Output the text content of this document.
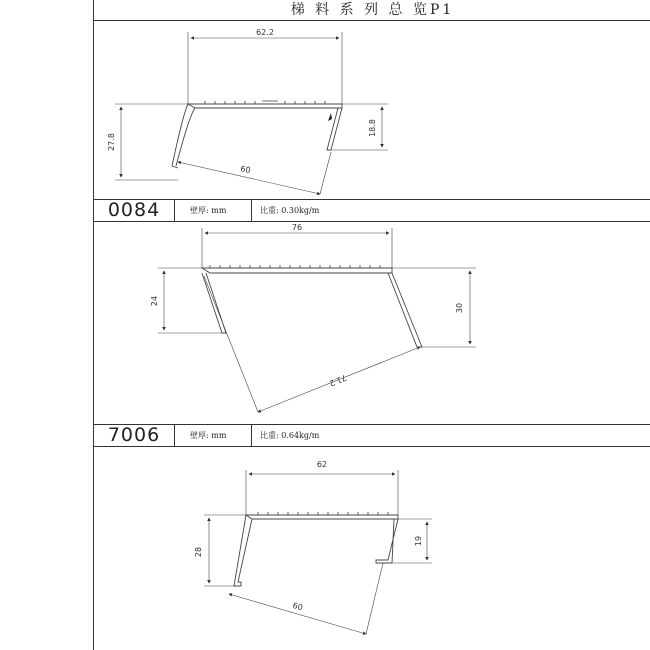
梯 料 系 列 总 览P1
0084	壁厚: mm	比重: 0.30kg/m
7006	壁厚: mm	比重: 0.64kg/m
62.2
27.8
18.8
60
76
24
30
71.2
62
28
19
60
